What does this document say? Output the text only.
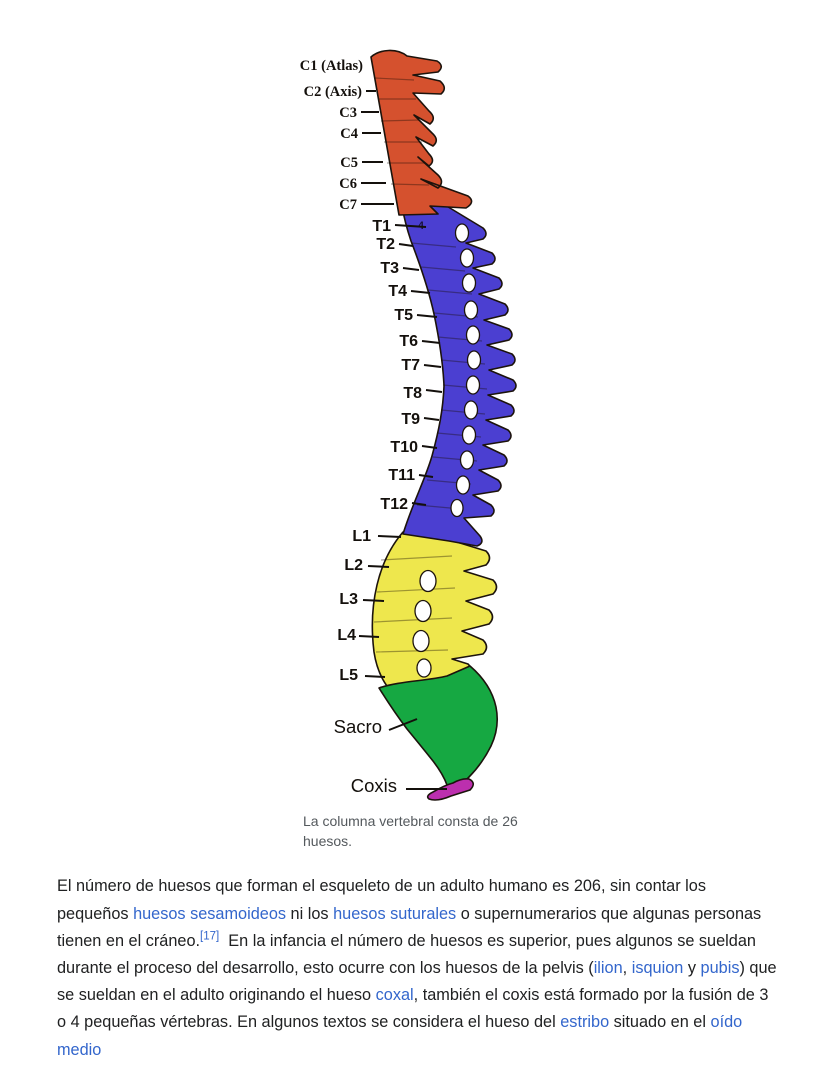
4
C1 (Atlas)
C2 (Axis)
C3
C4
C5
C6
C7
T1
T2
T3
T4
T5
T6
T7
T8
T9
T10
T11
T12
L1
L2
L3
L4
L5
Sacro
Coxis
La columna vertebral consta de 26 huesos.

El número de huesos que forman el esqueleto de un adulto humano es 206, sin contar los pequeños huesos sesamoideos ni los huesos suturales o supernumerarios que algunas personas tienen en el cráneo.[17]  En la infancia el número de huesos es superior, pues algunos se sueldan durante el proceso del desarrollo, esto ocurre con los huesos de la pelvis (ilion, isquion y pubis) que se sueldan en el adulto originando el hueso coxal, también el coxis está formado por la fusión de 3 o 4 pequeñas vértebras. En algunos textos se considera el hueso del estribo situado en el oído medio
